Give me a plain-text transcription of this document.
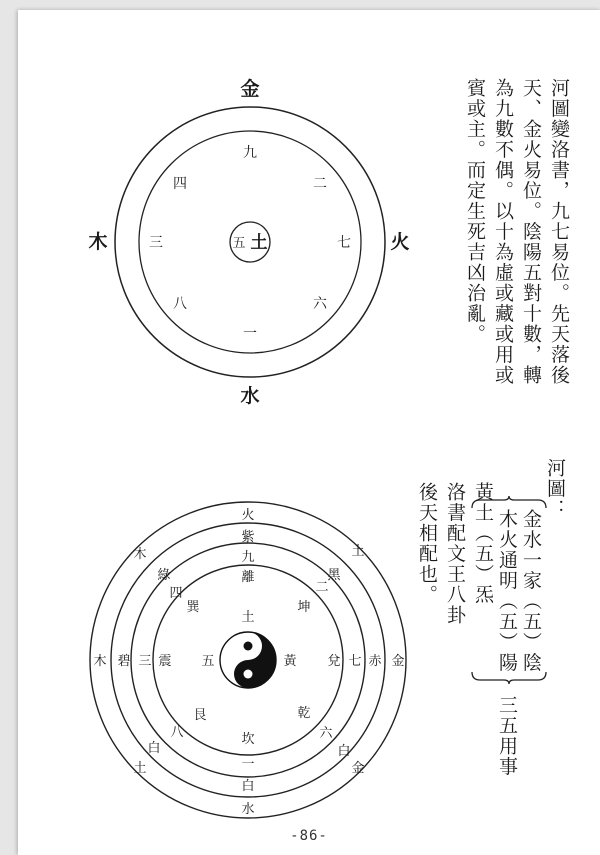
河圖變洛書，九七易位。先天落後
天、金火易位。陰陽五對十數，轉
為九數不偶。以十為虛或藏或用或
賓或主。而定生死吉凶治亂。
金
火
水
木
九
二
七
六
一
八
三
四
五 土
河圖：
金水一家（五）陰
木火通明（五）陽
黃土（五）炁
三五用事
洛書配文王八卦
後天相配也。
火
土
金
金
水
土
木
木
紫
黑
赤
白
白
白
碧
綠
九
二
七
六
一
八
三
四
五
離
坤
兌
乾
坎
艮
震
巽
土
黃
-86-
